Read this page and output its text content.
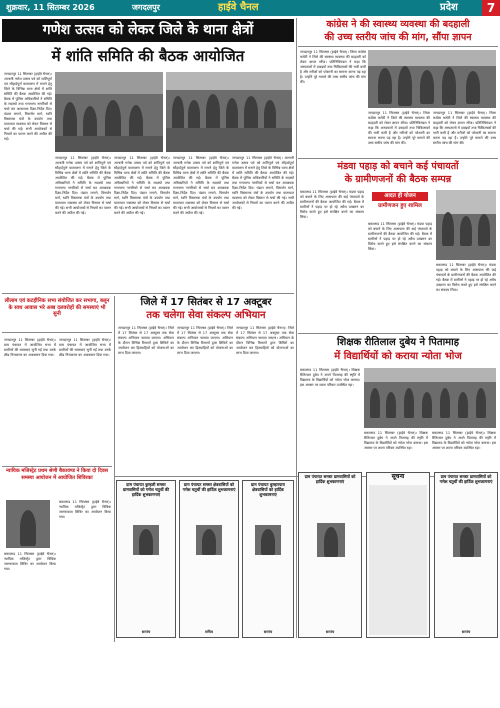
शुक्रवार, 11 सितम्बर 2026	जगदलपुर	हाईवे चैनल	प्रदेश	7
गणेश उत्सव को लेकर जिले के थाना क्षेत्रों
में शांति समिति की बैठक आयोजित
जगदलपुर 11 सितम्बर (हाईवे चैनल)। आगामी गणेश उत्सव पर्व को शांतिपूर्ण एवं सौहार्दपूर्ण वातावरण में मनाने हेतु जिले के विभिन्न थाना क्षेत्रों में शांति समिति की बैठक आयोजित की गई। बैठक में पुलिस अधिकारियों ने समिति के सदस्यों तथा गणमान्य नागरिकों से चर्चा कर आवश्यक दिशा-निर्देश दिए। पंडाल लगाने, विसर्जन मार्ग, ध्वनि विस्तारक यंत्रों के उपयोग तथा यातायात व्यवस्था को लेकर विस्तार से चर्चा की गई। सभी आयोजकों से नियमों का पालन करने की अपील की गई।
जगदलपुर 11 सितम्बर (हाईवे चैनल)। आगामी गणेश उत्सव पर्व को शांतिपूर्ण एवं सौहार्दपूर्ण वातावरण में मनाने हेतु जिले के विभिन्न थाना क्षेत्रों में शांति समिति की बैठक आयोजित की गई। बैठक में पुलिस अधिकारियों ने समिति के सदस्यों तथा गणमान्य नागरिकों से चर्चा कर आवश्यक दिशा-निर्देश दिए। पंडाल लगाने, विसर्जन मार्ग, ध्वनि विस्तारक यंत्रों के उपयोग तथा यातायात व्यवस्था को लेकर विस्तार से चर्चा की गई। सभी आयोजकों से नियमों का पालन करने की अपील की गई।
जगदलपुर 11 सितम्बर (हाईवे चैनल)। आगामी गणेश उत्सव पर्व को शांतिपूर्ण एवं सौहार्दपूर्ण वातावरण में मनाने हेतु जिले के विभिन्न थाना क्षेत्रों में शांति समिति की बैठक आयोजित की गई। बैठक में पुलिस अधिकारियों ने समिति के सदस्यों तथा गणमान्य नागरिकों से चर्चा कर आवश्यक दिशा-निर्देश दिए। पंडाल लगाने, विसर्जन मार्ग, ध्वनि विस्तारक यंत्रों के उपयोग तथा यातायात व्यवस्था को लेकर विस्तार से चर्चा की गई। सभी आयोजकों से नियमों का पालन करने की अपील की गई।
जगदलपुर 11 सितम्बर (हाईवे चैनल)। आगामी गणेश उत्सव पर्व को शांतिपूर्ण एवं सौहार्दपूर्ण वातावरण में मनाने हेतु जिले के विभिन्न थाना क्षेत्रों में शांति समिति की बैठक आयोजित की गई। बैठक में पुलिस अधिकारियों ने समिति के सदस्यों तथा गणमान्य नागरिकों से चर्चा कर आवश्यक दिशा-निर्देश दिए। पंडाल लगाने, विसर्जन मार्ग, ध्वनि विस्तारक यंत्रों के उपयोग तथा यातायात व्यवस्था को लेकर विस्तार से चर्चा की गई। सभी आयोजकों से नियमों का पालन करने की अपील की गई।
जगदलपुर 11 सितम्बर (हाईवे चैनल)। आगामी गणेश उत्सव पर्व को शांतिपूर्ण एवं सौहार्दपूर्ण वातावरण में मनाने हेतु जिले के विभिन्न थाना क्षेत्रों में शांति समिति की बैठक आयोजित की गई। बैठक में पुलिस अधिकारियों ने समिति के सदस्यों तथा गणमान्य नागरिकों से चर्चा कर आवश्यक दिशा-निर्देश दिए। पंडाल लगाने, विसर्जन मार्ग, ध्वनि विस्तारक यंत्रों के उपयोग तथा यातायात व्यवस्था को लेकर विस्तार से चर्चा की गई। सभी आयोजकों से नियमों का पालन करने की अपील की गई।
कांग्रेस ने की स्वास्थ्य व्यवस्था की बदहाली
की उच्च स्तरीय जांच की मांग, सौंपा ज्ञापन
जगदलपुर 11 सितम्बर (हाईवे चैनल)। जिला कांग्रेस कमेटी ने जिले की स्वास्थ्य व्यवस्था की बदहाली को लेकर ज्ञापन सौंपा। प्रतिनिधिमंडल ने कहा कि अस्पतालों में दवाइयों तथा चिकित्सकों की भारी कमी है और मरीजों को परेशानी का सामना करना पड़ रहा है। उन्होंने पूरे मामले की उच्च स्तरीय जांच की मांग की।
जगदलपुर 11 सितम्बर (हाईवे चैनल)। जिला कांग्रेस कमेटी ने जिले की स्वास्थ्य व्यवस्था की बदहाली को लेकर ज्ञापन सौंपा। प्रतिनिधिमंडल ने कहा कि अस्पतालों में दवाइयों तथा चिकित्सकों की भारी कमी है और मरीजों को परेशानी का सामना करना पड़ रहा है। उन्होंने पूरे मामले की उच्च स्तरीय जांच की मांग की।
जगदलपुर 11 सितम्बर (हाईवे चैनल)। जिला कांग्रेस कमेटी ने जिले की स्वास्थ्य व्यवस्था की बदहाली को लेकर ज्ञापन सौंपा। प्रतिनिधिमंडल ने कहा कि अस्पतालों में दवाइयों तथा चिकित्सकों की भारी कमी है और मरीजों को परेशानी का सामना करना पड़ रहा है। उन्होंने पूरे मामले की उच्च स्तरीय जांच की मांग की।
मंडवा पहाड़ को बचाने कई पंचायतों
के ग्रामीणजनों की बैठक सम्पन्न
आदत ही योजन
ग्रामीणजन हुए शामिल
बकावण्ड 11 सितम्बर (हाईवे चैनल)। मंडवा पहाड़ को बचाने के लिए आसपास की कई पंचायतों के ग्रामीणजनों की बैठक आयोजित की गई। बैठक में ग्रामीणों ने पहाड़ पर हो रहे अवैध उत्खनन का विरोध करते हुए इसे संरक्षित करने का संकल्प लिया।
बकावण्ड 11 सितम्बर (हाईवे चैनल)। मंडवा पहाड़ को बचाने के लिए आसपास की कई पंचायतों के ग्रामीणजनों की बैठक आयोजित की गई। बैठक में ग्रामीणों ने पहाड़ पर हो रहे अवैध उत्खनन का विरोध करते हुए इसे संरक्षित करने का संकल्प लिया।
बकावण्ड 11 सितम्बर (हाईवे चैनल)। मंडवा पहाड़ को बचाने के लिए आसपास की कई पंचायतों के ग्रामीणजनों की बैठक आयोजित की गई। बैठक में ग्रामीणों ने पहाड़ पर हो रहे अवैध उत्खनन का विरोध करते हुए इसे संरक्षित करने का संकल्प लिया।
लीलाम एवं कटहीनिक सभा संयोजित कर सभागा, बलून के साथ आवास भरे अब्ब दलवरोहों की समस्याएं भी सुनी
जगदलपुर 11 सितम्बर (हाईवे चैनल)। ग्राम पंचायत में आयोजित सभा में ग्रामीणों की समस्याएं सुनी गईं तथा उनके शीघ्र निराकरण का आश्वासन दिया गया।
जगदलपुर 11 सितम्बर (हाईवे चैनल)। ग्राम पंचायत में आयोजित सभा में ग्रामीणों की समस्याएं सुनी गईं तथा उनके शीघ्र निराकरण का आश्वासन दिया गया।
जिले में 17 सितंबर से 17 अक्टूबर
तक चलेगा सेवा संकल्प अभियान
जगदलपुर 11 सितम्बर (हाईवे चैनल)। जिले में 17 सितंबर से 17 अक्टूबर तक सेवा संकल्प अभियान चलाया जाएगा। अभियान के दौरान विभिन्न विभागों द्वारा शिविरों का आयोजन कर हितग्राहियों को योजनाओं का लाभ दिया जाएगा।
जगदलपुर 11 सितम्बर (हाईवे चैनल)। जिले में 17 सितंबर से 17 अक्टूबर तक सेवा संकल्प अभियान चलाया जाएगा। अभियान के दौरान विभिन्न विभागों द्वारा शिविरों का आयोजन कर हितग्राहियों को योजनाओं का लाभ दिया जाएगा।
जगदलपुर 11 सितम्बर (हाईवे चैनल)। जिले में 17 सितंबर से 17 अक्टूबर तक सेवा संकल्प अभियान चलाया जाएगा। अभियान के दौरान विभिन्न विभागों द्वारा शिविरों का आयोजन कर हितग्राहियों को योजनाओं का लाभ दिया जाएगा।
शिक्षक रीतिलाल दुबेय ने पितामाह
में विद्यार्थियों को कराया न्योता भोज
बकावण्ड 11 सितम्बर (हाईवे चैनल)। शिक्षक रीतिलाल दुबेय ने अपने पितामह की स्मृति में विद्यालय के विद्यार्थियों को न्योता भोज कराया। इस अवसर पर शाला परिवार उपस्थित रहा।
बकावण्ड 11 सितम्बर (हाईवे चैनल)। शिक्षक रीतिलाल दुबेय ने अपने पितामह की स्मृति में विद्यालय के विद्यार्थियों को न्योता भोज कराया। इस अवसर पर शाला परिवार उपस्थित रहा।
बकावण्ड 11 सितम्बर (हाईवे चैनल)। शिक्षक रीतिलाल दुबेय ने अपने पितामह की स्मृति में विद्यालय के विद्यार्थियों को न्योता भोज कराया। इस अवसर पर शाला परिवार उपस्थित रहा।
न्यायिक मजिस्ट्रेट प्रथम श्रेणी बैकावण्ड ने किया दो दिवस समस्या आयोजन में आयोजित शिविरका
बकावण्ड 11 सितम्बर (हाईवे चैनल)। न्यायिक मजिस्ट्रेट द्वारा विधिक जागरूकता शिविर का आयोजन किया गया।
बकावण्ड 11 सितम्बर (हाईवे चैनल)। न्यायिक मजिस्ट्रेट द्वारा विधिक जागरूकता शिविर का आयोजन किया गया।
ग्राम पंचायत कुम्हली समस्त ग्रामवासियों को गणेश चतुर्थी की हार्दिक शुभकामनाएं
सरपंच
ग्राम पंचायत समस्त क्षेत्रवासियों को गणेश चतुर्थी की हार्दिक शुभकामनाएं
सचिव
ग्राम पंचायत कुम्हारपारा क्षेत्रवासियों को हार्दिक शुभकामनाएं
सरपंच
ग्राम पंचायत समस्त ग्रामवासियों को हार्दिक शुभकामनाएं
सरपंच
सूचना	ग्राम पंचायत समस्त ग्रामवासियों को गणेश चतुर्थी की हार्दिक शुभकामनाएं
सरपंच
